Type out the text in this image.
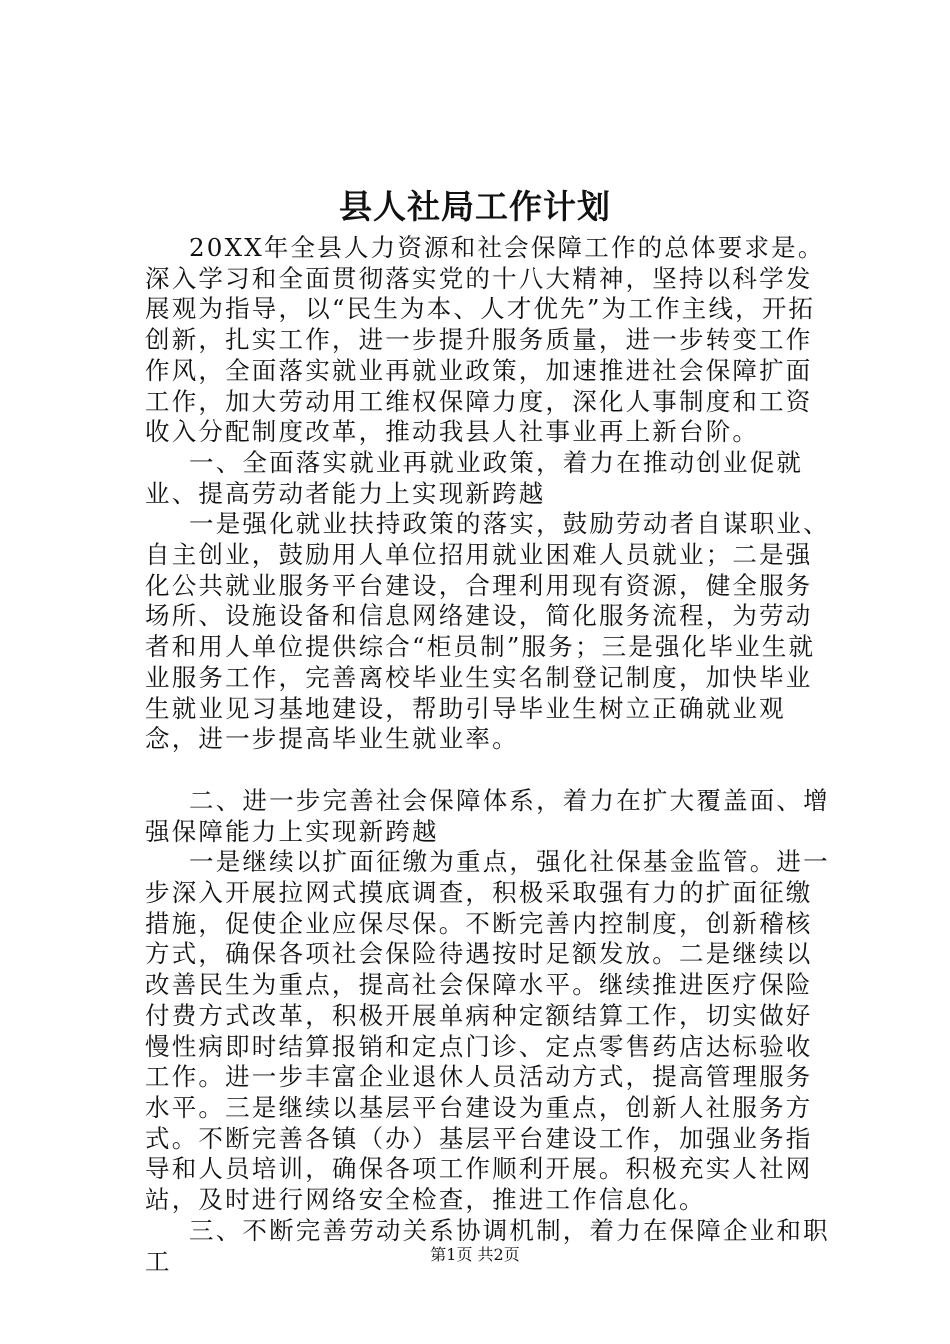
县人社局工作计划

20XX年全县人力资源和社会保障工作的总体要求是。深入学习和全面贯彻落实党的十八大精神，坚持以科学发展观为指导，以“民生为本、人才优先”为工作主线，开拓创新，扎实工作，进一步提升服务质量，进一步转变工作作风，全面落实就业再就业政策，加速推进社会保障扩面工作，加大劳动用工维权保障力度，深化人事制度和工资收入分配制度改革，推动我县人社事业再上新台阶。

一、全面落实就业再就业政策，着力在推动创业促就业、提高劳动者能力上实现新跨越

一是强化就业扶持政策的落实，鼓励劳动者自谋职业、自主创业，鼓励用人单位招用就业困难人员就业；二是强化公共就业服务平台建设，合理利用现有资源，健全服务场所、设施设备和信息网络建设，简化服务流程，为劳动者和用人单位提供综合“柜员制”服务；三是强化毕业生就业服务工作，完善离校毕业生实名制登记制度，加快毕业生就业见习基地建设，帮助引导毕业生树立正确就业观念，进一步提高毕业生就业率。

二、进一步完善社会保障体系，着力在扩大覆盖面、增强保障能力上实现新跨越

一是继续以扩面征缴为重点，强化社保基金监管。进一步深入开展拉网式摸底调查，积极采取强有力的扩面征缴措施，促使企业应保尽保。不断完善内控制度，创新稽核方式，确保各项社会保险待遇按时足额发放。二是继续以改善民生为重点，提高社会保障水平。继续推进医疗保险付费方式改革，积极开展单病种定额结算工作，切实做好慢性病即时结算报销和定点门诊、定点零售药店达标验收工作。进一步丰富企业退休人员活动方式，提高管理服务水平。三是继续以基层平台建设为重点，创新人社服务方式。不断完善各镇（办）基层平台建设工作，加强业务指导和人员培训，确保各项工作顺利开展。积极充实人社网站，及时进行网络安全检查，推进工作信息化。

三、不断完善劳动关系协调机制，着力在保障企业和职工	第1页 共2页
